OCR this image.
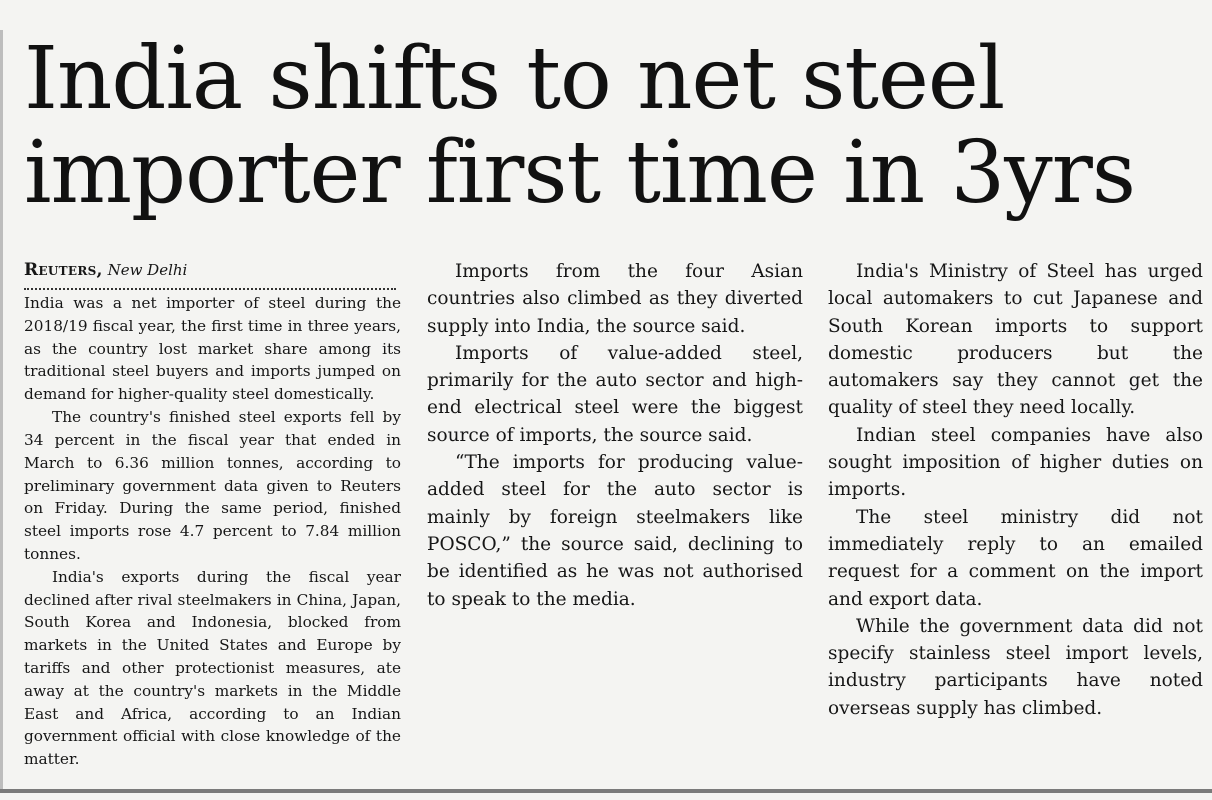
India shifts to net steel
importer first time in 3yrs

Reuters, New Delhi

India was a net importer of steel during the 2018/19 fiscal year, the first time in three years, as the country lost market share among its traditional steel buyers and imports jumped on demand for higher-quality steel domestically.

The country's finished steel exports fell by 34 percent in the fiscal year that ended in March to 6.36 million tonnes, according to preliminary government data given to Reuters on Friday. During the same period, finished steel imports rose 4.7 percent to 7.84 million tonnes.

India's exports during the fiscal year declined after rival steelmakers in China, Japan, South Korea and Indonesia, blocked from markets in the United States and Europe by tariffs and other protectionist measures, ate away at the country's markets in the Middle East and Africa, according to an Indian government official with close knowledge of the matter.

Imports from the four Asian countries also climbed as they diverted supply into India, the source said.

Imports of value-added steel, primarily for the auto sector and high-end electrical steel were the biggest source of imports, the source said.

“The imports for producing value-added steel for the auto sector is mainly by foreign steelmakers like POSCO,” the source said, declining to be identified as he was not authorised to speak to the media.

India's Ministry of Steel has urged local automakers to cut Japanese and South Korean imports to support domestic producers but the automakers say they cannot get the quality of steel they need locally.

Indian steel companies have also sought imposition of higher duties on imports.

The steel ministry did not immediately reply to an emailed request for a comment on the import and export data.

While the government data did not specify stainless steel import levels, industry participants have noted overseas supply has climbed.
